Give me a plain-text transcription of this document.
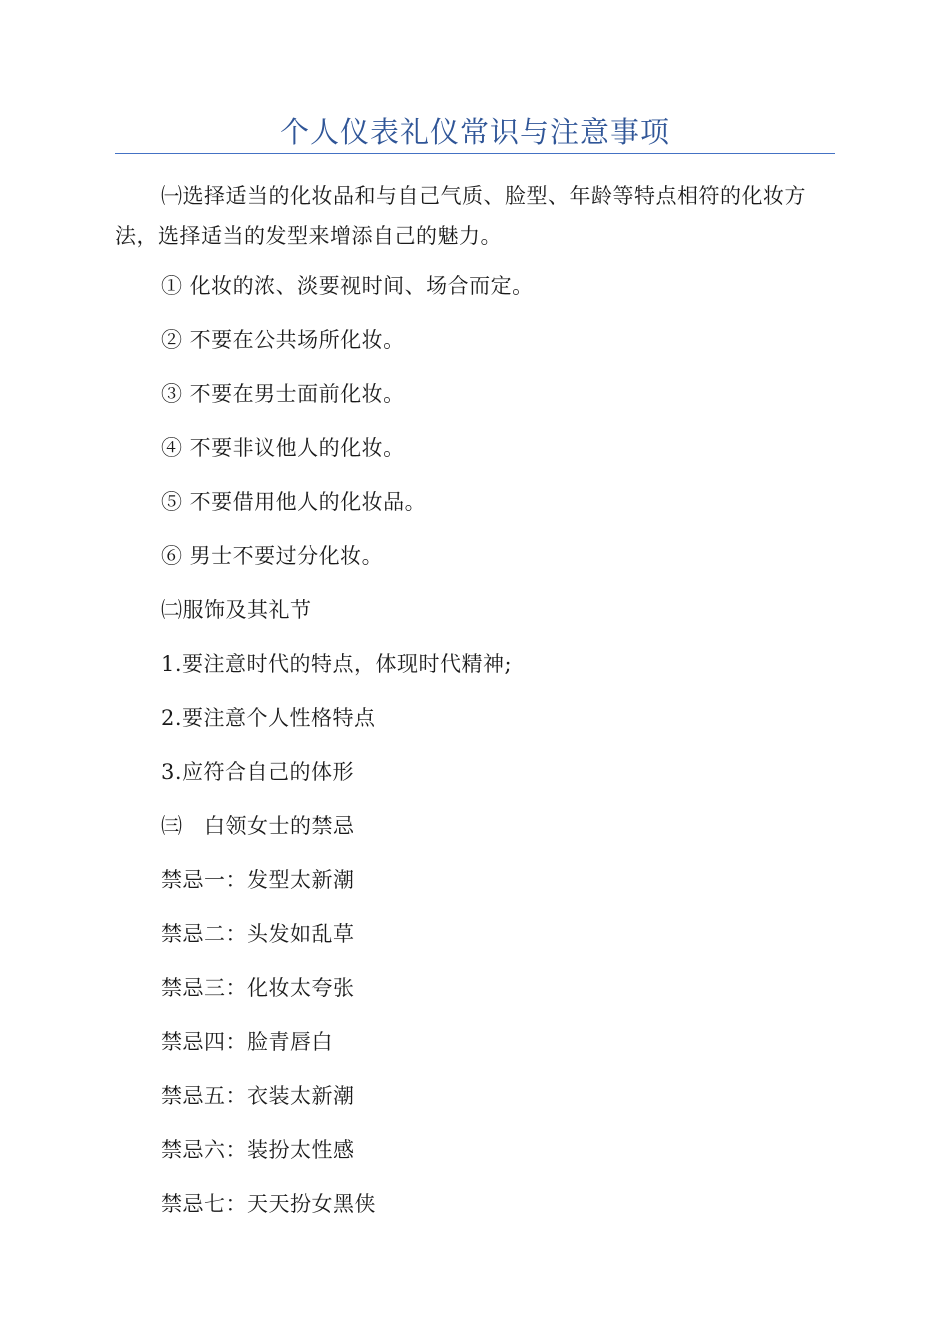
个人仪表礼仪常识与注意事项
㈠选择适当的化妆品和与自己气质、脸型、年龄等特点相符的化妆方法，选择适当的发型来增添自己的魅力。
① 化妆的浓、淡要视时间、场合而定。
② 不要在公共场所化妆。
③ 不要在男士面前化妆。
④ 不要非议他人的化妆。
⑤ 不要借用他人的化妆品。
⑥ 男士不要过分化妆。
㈡服饰及其礼节
1.要注意时代的特点，体现时代精神;
2.要注意个人性格特点
3.应符合自己的体形
㈢　白领女士的禁忌
禁忌一：发型太新潮
禁忌二：头发如乱草
禁忌三：化妆太夸张
禁忌四：脸青唇白
禁忌五：衣装太新潮
禁忌六：装扮太性感
禁忌七：天天扮女黑侠
